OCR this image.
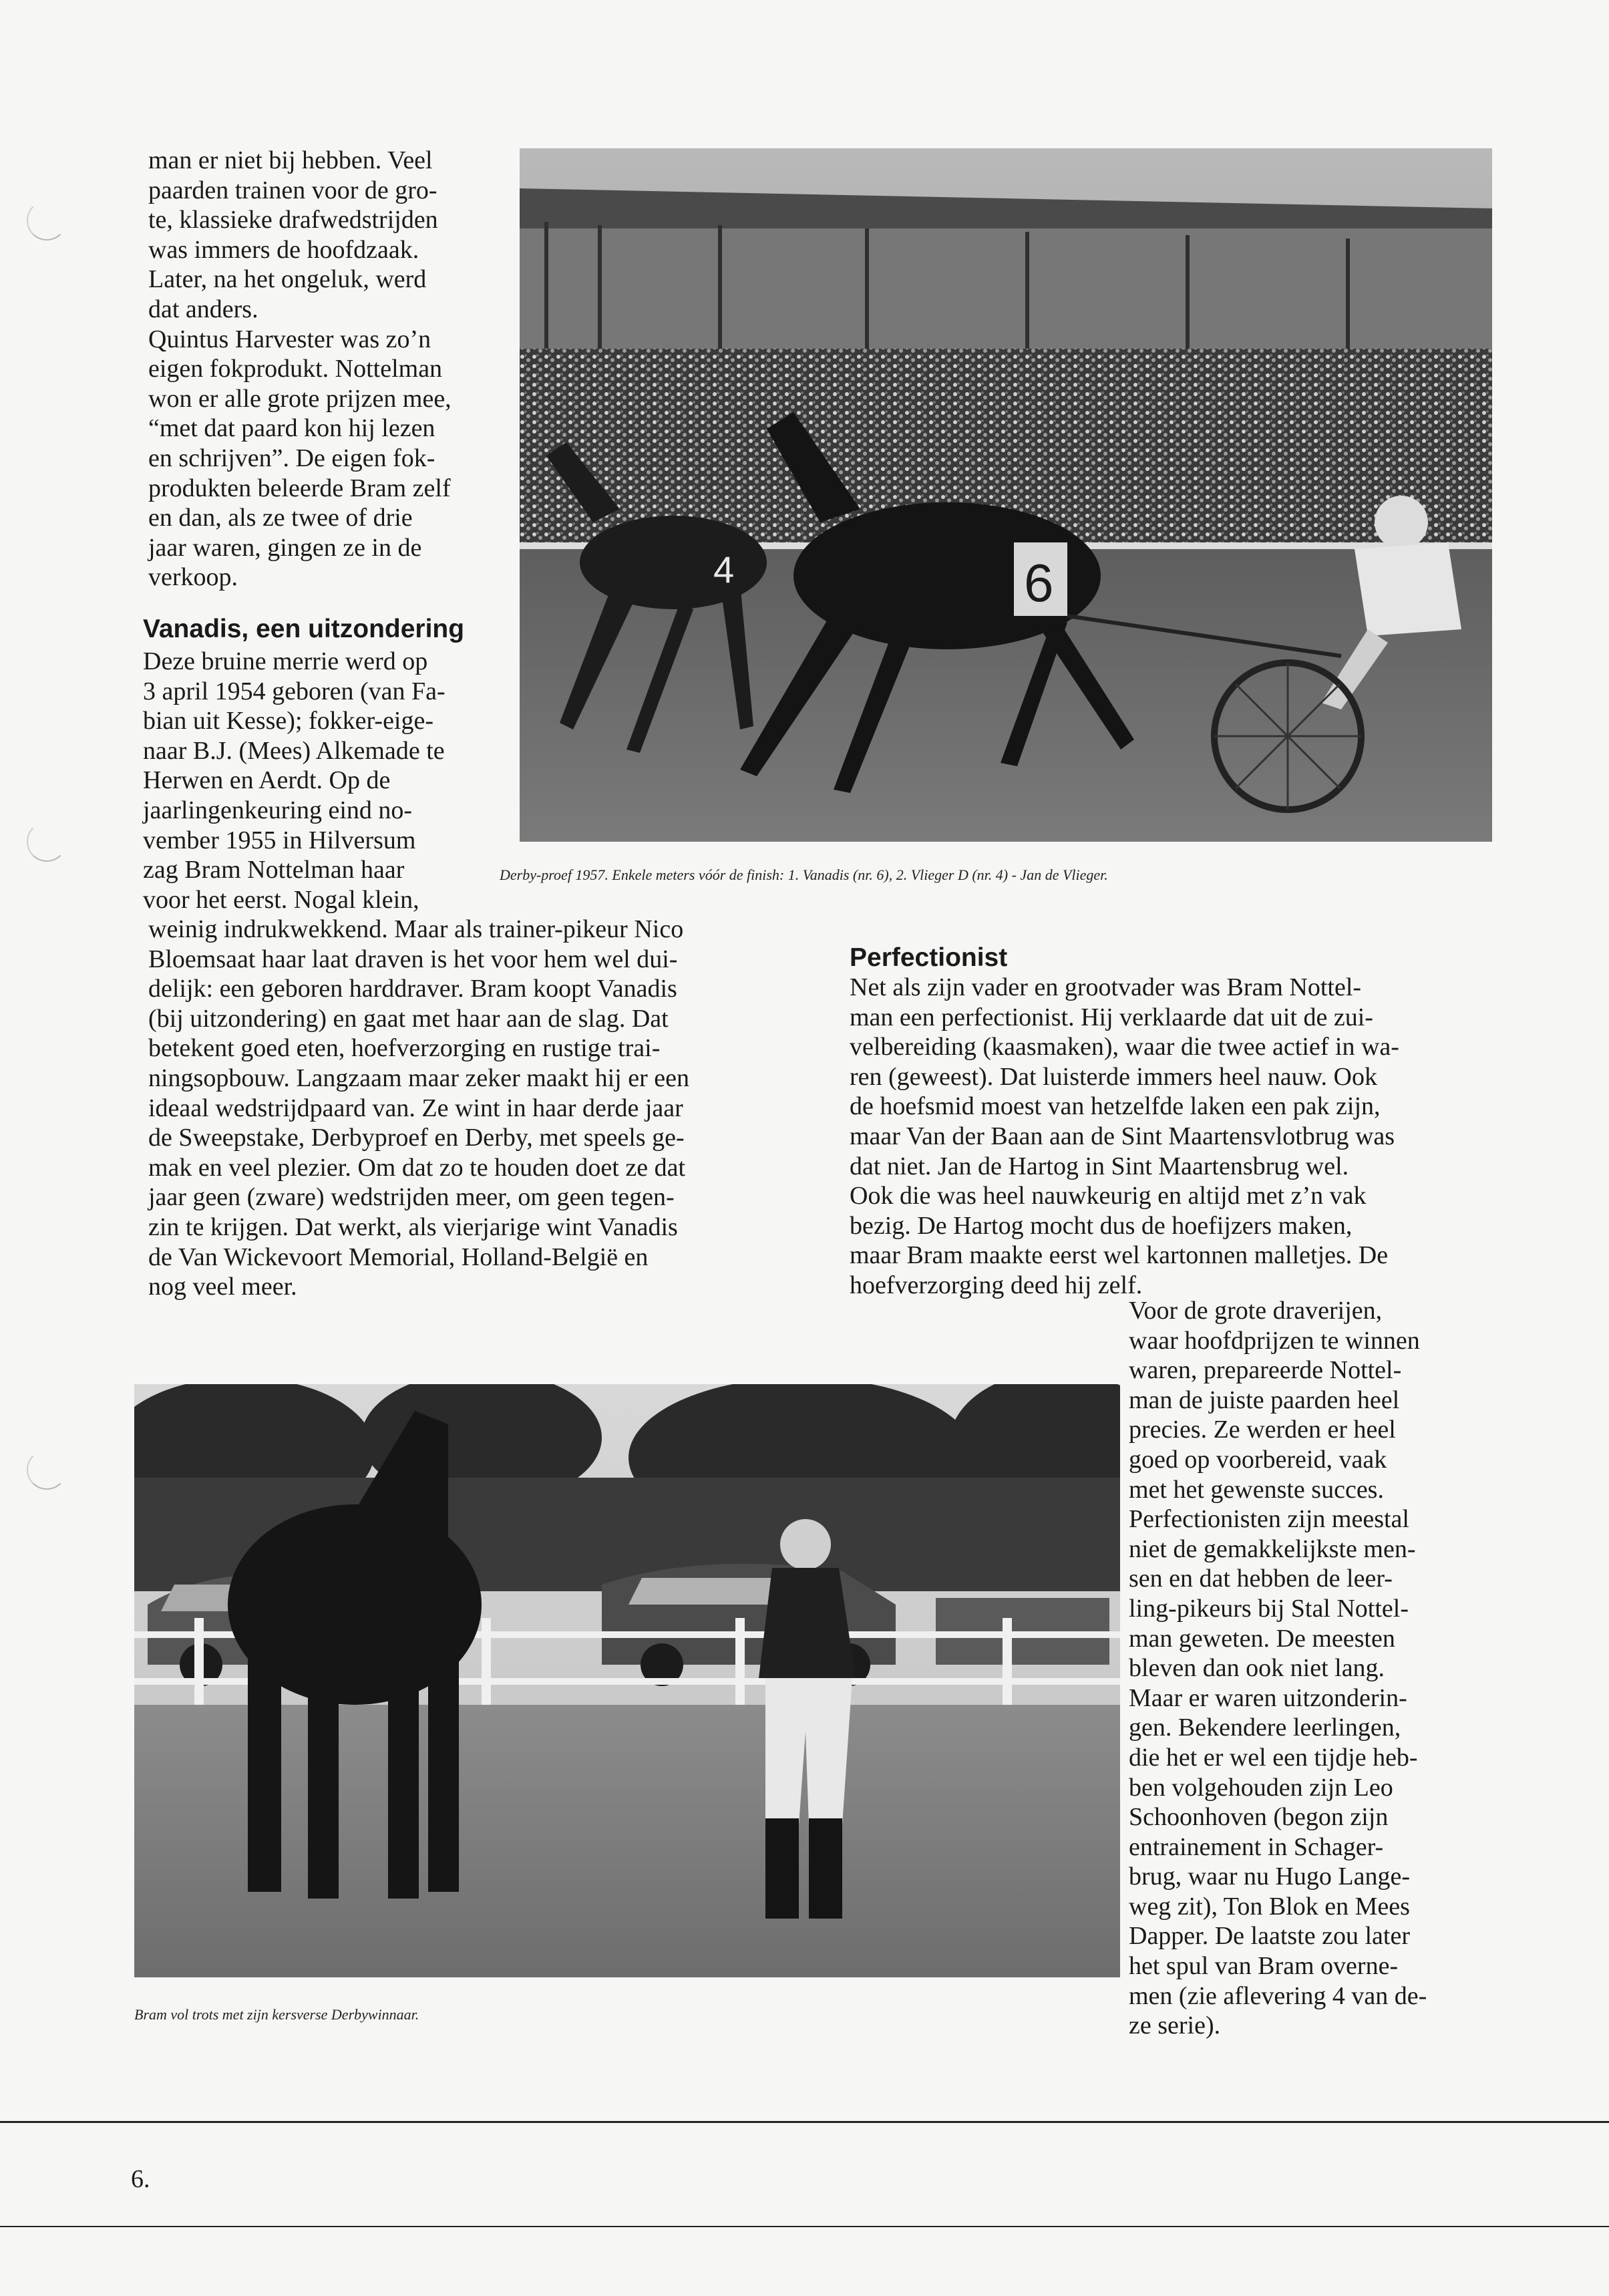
man er niet bij hebben. Veel
paarden trainen voor de gro-
te, klassieke drafwedstrijden
was immers de hoofdzaak.
Later, na het ongeluk, werd
dat anders.
Quintus Harvester was zo’n
eigen fokprodukt. Nottelman
won er alle grote prijzen mee,
“met dat paard kon hij lezen
en schrijven”. De eigen fok-
produkten beleerde Bram zelf
en dan, als ze twee of drie
jaar waren, gingen ze in de
verkoop.
Vanadis, een uitzondering
Deze bruine merrie werd op
3 april 1954 geboren (van Fa-
bian uit Kesse); fokker-eige-
naar B.J. (Mees) Alkemade te
Herwen en Aerdt. Op de
jaarlingenkeuring eind no-
vember 1955 in Hilversum
zag Bram Nottelman haar
voor het eerst. Nogal klein,
weinig indrukwekkend. Maar als trainer-pikeur Nico
Bloemsaat haar laat draven is het voor hem wel dui-
delijk: een geboren harddraver. Bram koopt Vanadis
(bij uitzondering) en gaat met haar aan de slag. Dat
betekent goed eten, hoefverzorging en rustige trai-
ningsopbouw. Langzaam maar zeker maakt hij er een
ideaal wedstrijdpaard van. Ze wint in haar derde jaar
de Sweepstake, Derbyproef en Derby, met speels ge-
mak en veel plezier. Om dat zo te houden doet ze dat
jaar geen (zware) wedstrijden meer, om geen tegen-
zin te krijgen. Dat werkt, als vierjarige wint Vanadis
de Van Wickevoort Memorial, Holland-België en
nog veel meer.
4	6
Derby-proef 1957. Enkele meters vóór de finish: 1. Vanadis (nr. 6), 2. Vlieger D (nr. 4) - Jan de Vlieger.
Perfectionist
Net als zijn vader en grootvader was Bram Nottel-
man een perfectionist. Hij verklaarde dat uit de zui-
velbereiding (kaasmaken), waar die twee actief in wa-
ren (geweest). Dat luisterde immers heel nauw. Ook
de hoefsmid moest van hetzelfde laken een pak zijn,
maar Van der Baan aan de Sint Maartensvlotbrug was
dat niet. Jan de Hartog in Sint Maartensbrug wel.
Ook die was heel nauwkeurig en altijd met z’n vak
bezig. De Hartog mocht dus de hoefijzers maken,
maar Bram maakte eerst wel kartonnen malletjes. De
hoefverzorging deed hij zelf.
Voor de grote draverijen,
waar hoofdprijzen te winnen
waren, prepareerde Nottel-
man de juiste paarden heel
precies. Ze werden er heel
goed op voorbereid, vaak
met het gewenste succes.
Perfectionisten zijn meestal
niet de gemakkelijkste men-
sen en dat hebben de leer-
ling-pikeurs bij Stal Nottel-
man geweten. De meesten
bleven dan ook niet lang.
Maar er waren uitzonderin-
gen. Bekendere leerlingen,
die het er wel een tijdje heb-
ben volgehouden zijn Leo
Schoonhoven (begon zijn
entrainement in Schager-
brug, waar nu Hugo Lange-
weg zit), Ton Blok en Mees
Dapper. De laatste zou later
het spul van Bram overne-
men (zie aflevering 4 van de-
ze serie).
Bram vol trots met zijn kersverse Derbywinnaar.
6.
